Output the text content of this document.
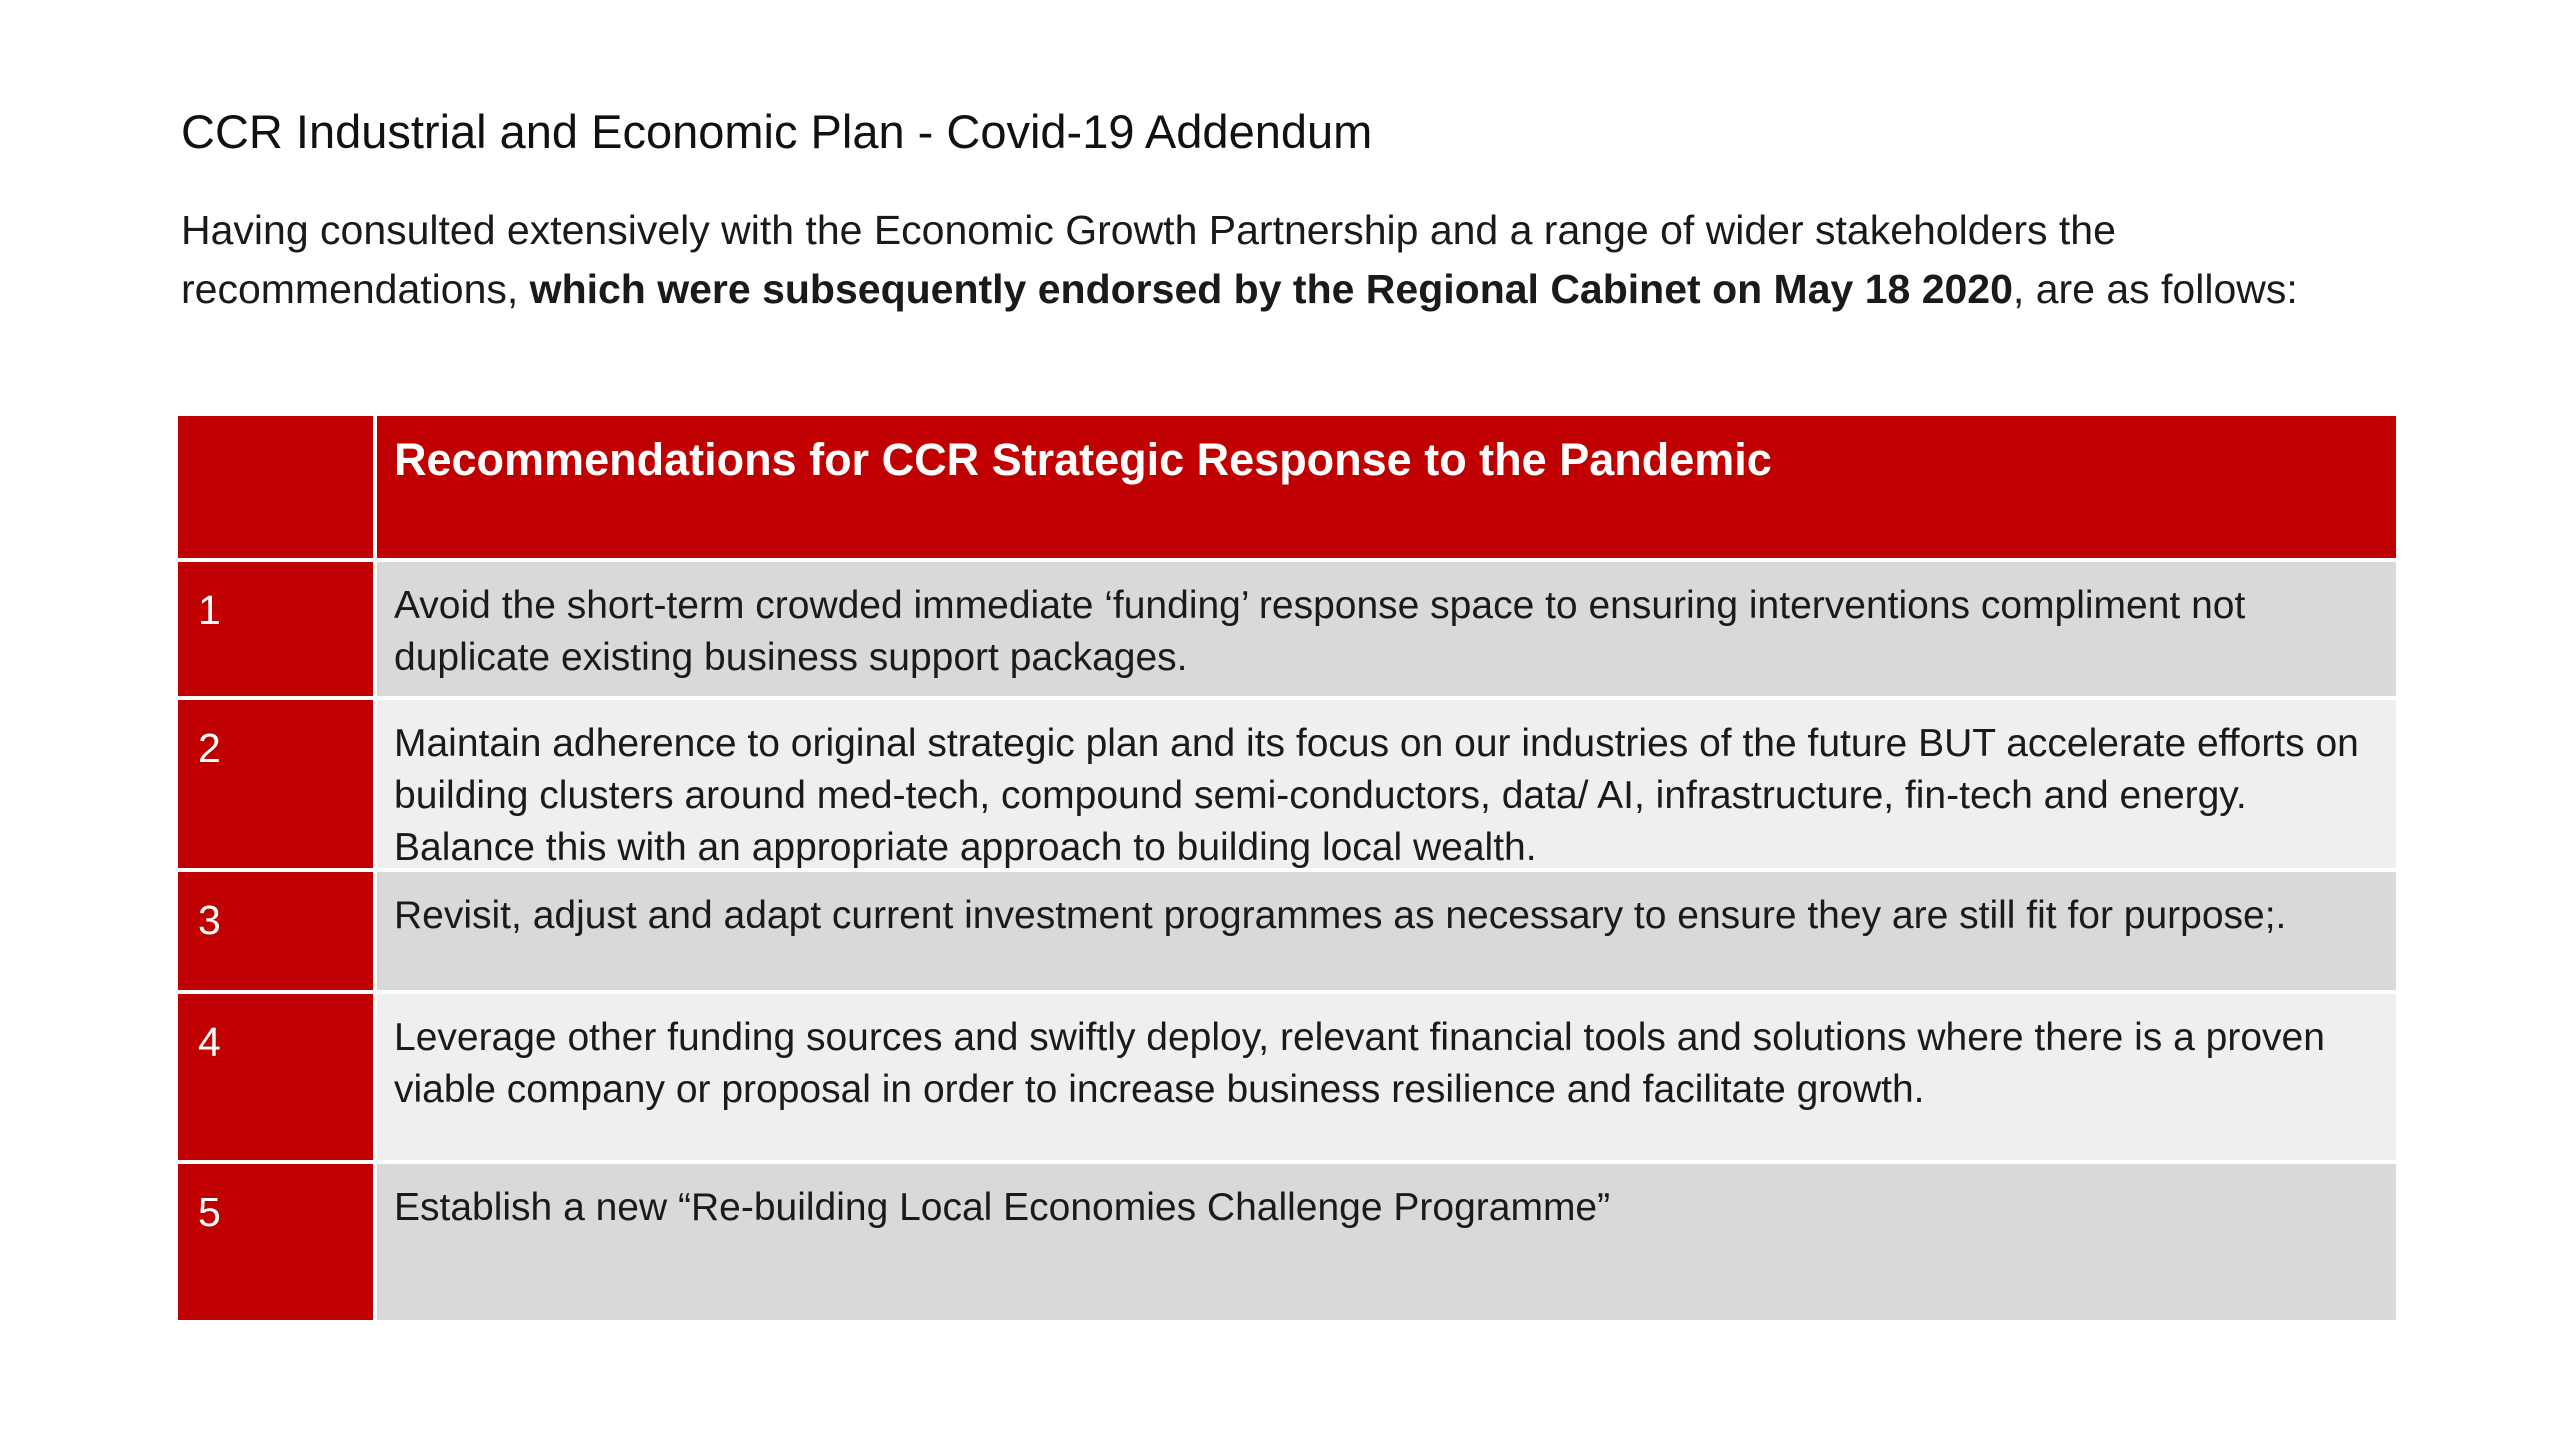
CCR Industrial and Economic Plan - Covid-19 Addendum
Having consulted extensively with the Economic Growth Partnership and a range of wider stakeholders the recommendations, which were subsequently endorsed by the Regional Cabinet on May 18 2020, are as follows:
Recommendations for CCR Strategic Response to the Pandemic
1	Avoid the short-term crowded immediate ‘funding’ response space to ensuring interventions compliment not duplicate existing business support packages.
2	Maintain adherence to original strategic plan and its focus on our industries of the future BUT accelerate efforts on building clusters around med-tech, compound semi-conductors, data/ AI, infrastructure, fin-tech and energy. Balance this with an appropriate approach to building local wealth.
3	Revisit, adjust and adapt current investment programmes as necessary to ensure they are still fit for purpose;.
4	Leverage other funding sources and swiftly deploy, relevant financial tools and solutions where there is a proven viable company or proposal in order to increase business resilience and facilitate growth.
5	Establish a new “Re-building Local Economies Challenge Programme”
